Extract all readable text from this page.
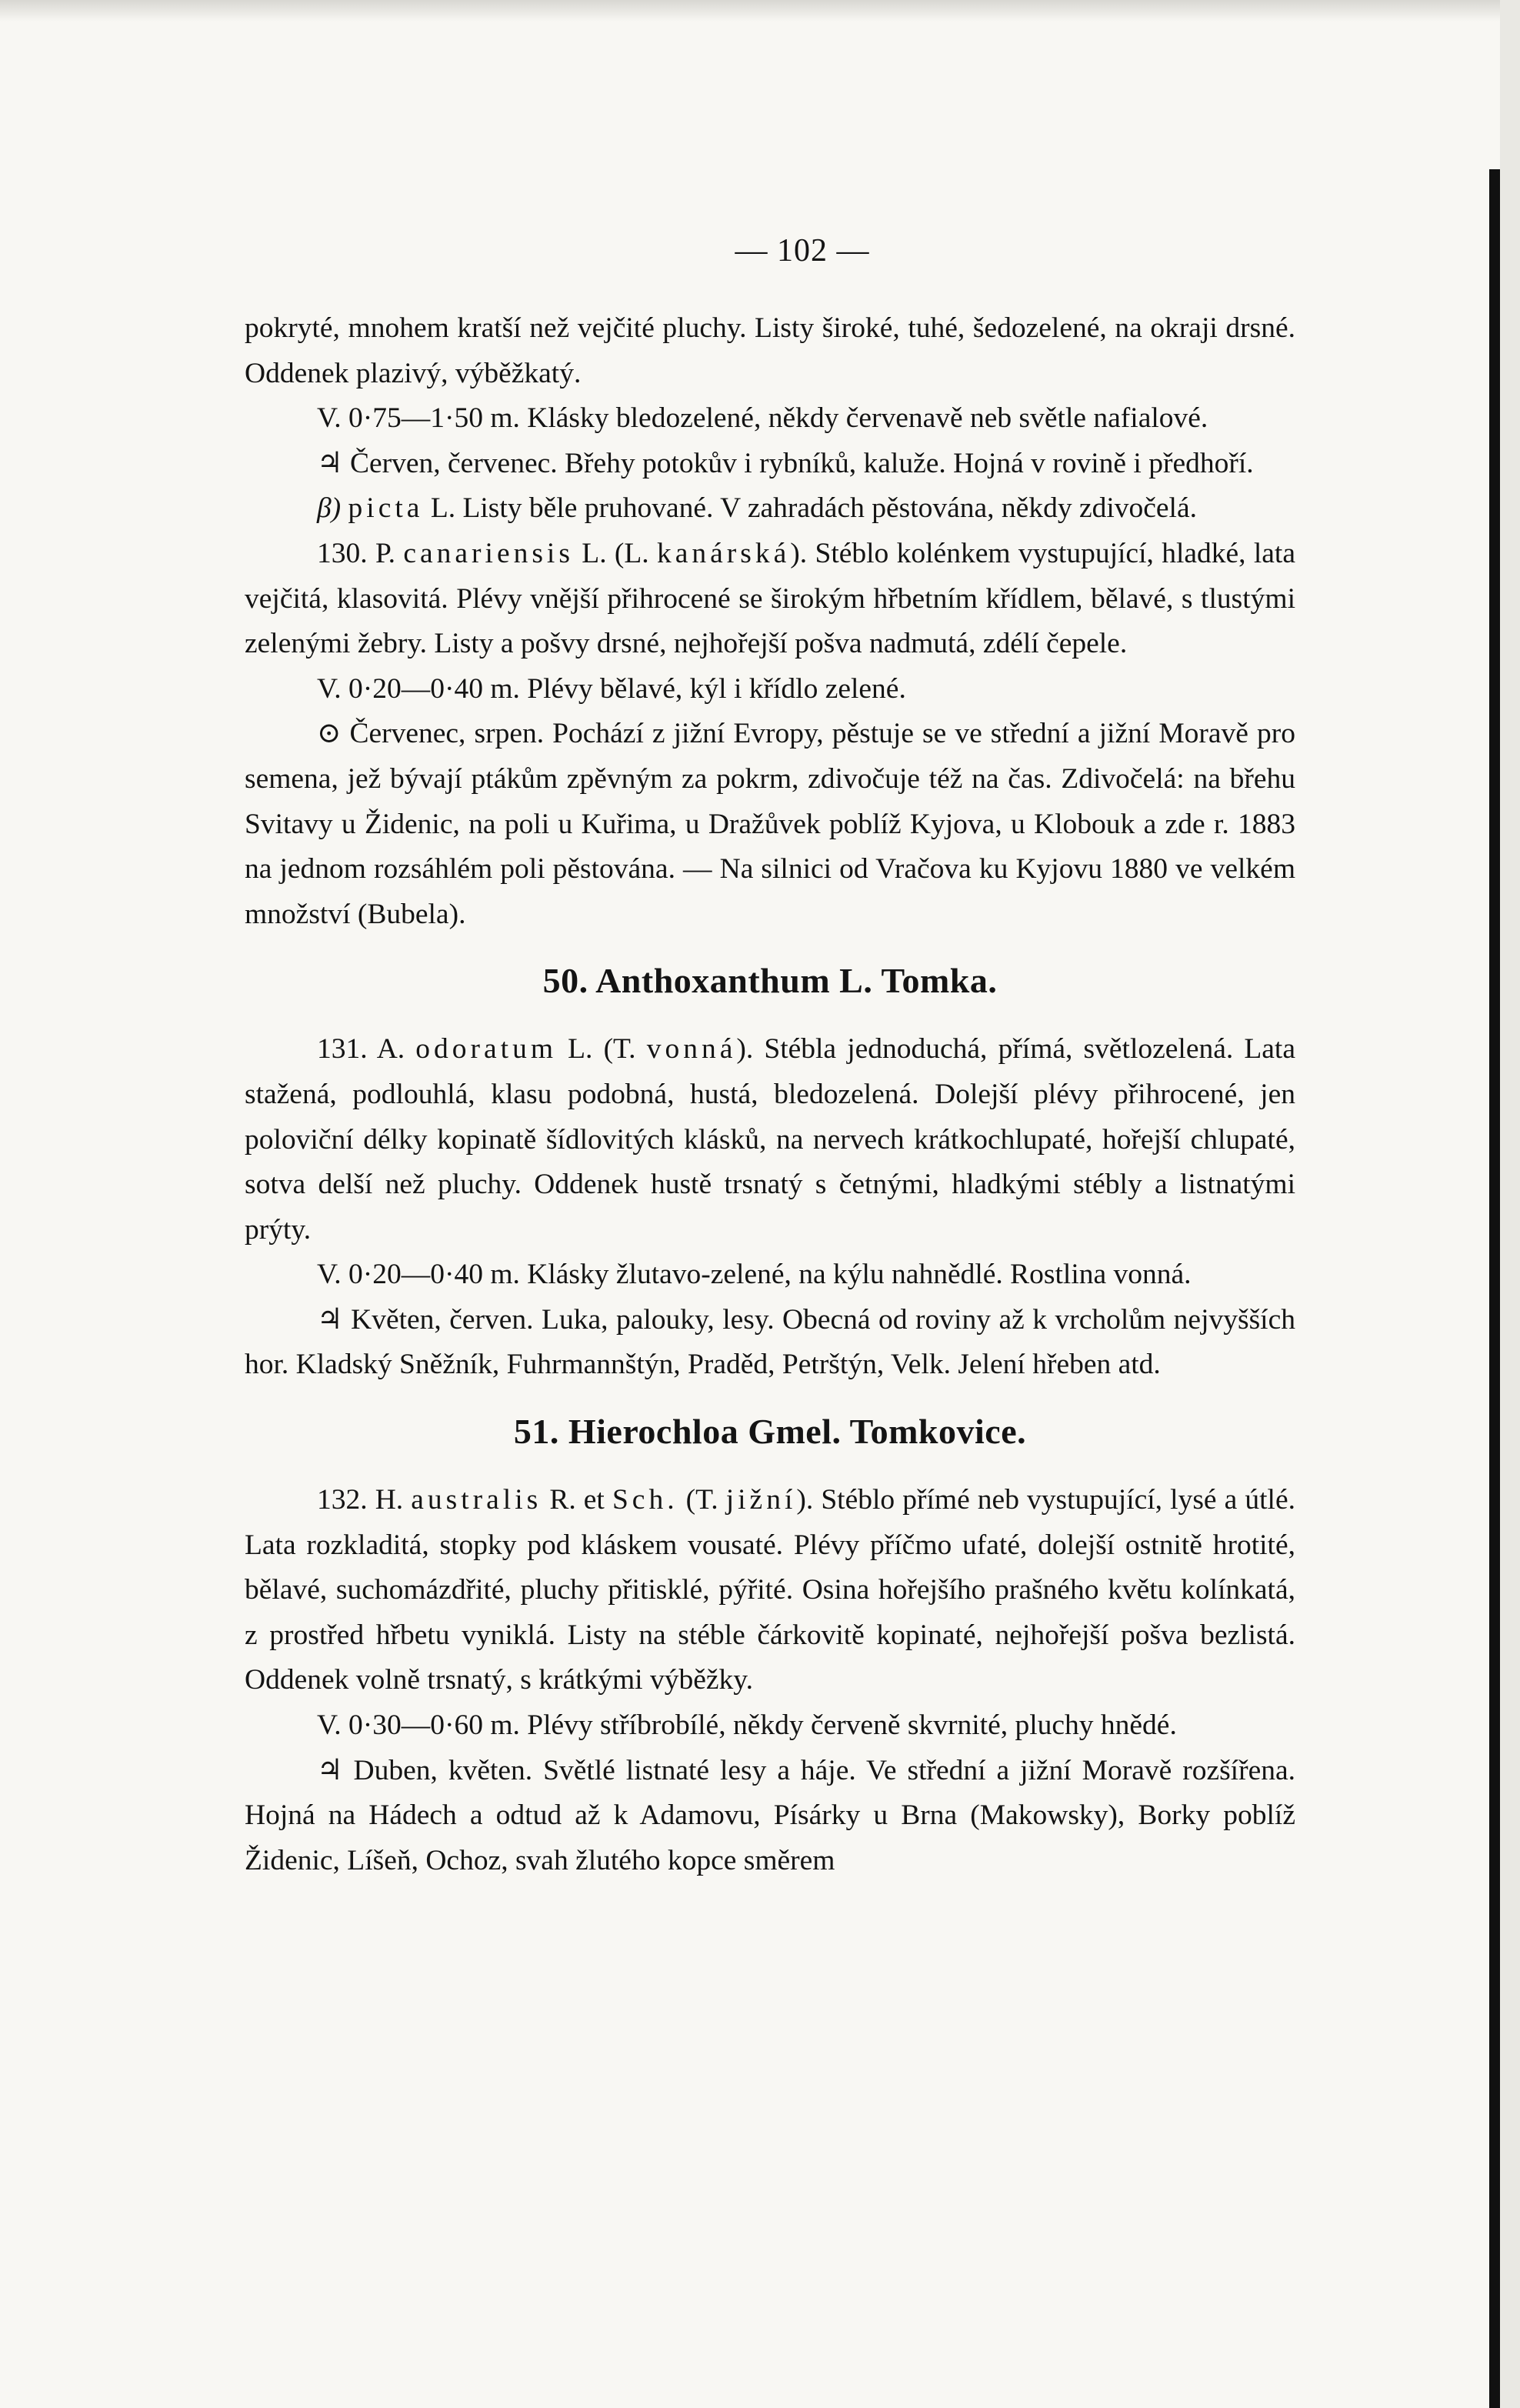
— 102 —

pokryté, mnohem kratší než vejčité pluchy. Listy široké, tuhé, šedozelené, na okraji drsné. Oddenek plazivý, výběžkatý.

V. 0·75—1·50 m. Klásky bledozelené, někdy červenavě neb světle nafialové.

♃ Červen, červenec. Břehy potokův i rybníků, kaluže. Hojná v rovině i předhoří.

β) picta L. Listy běle pruhované. V zahradách pěstována, někdy zdivočelá.

130. P. canariensis L. (L. kanárská). Stéblo kolénkem vystupující, hladké, lata vejčitá, klasovitá. Plévy vnější přihrocené se širokým hřbetním křídlem, bělavé, s tlustými zelenými žebry. Listy a pošvy drsné, nejhořejší pošva nadmutá, zdélí čepele.

V. 0·20—0·40 m. Plévy bělavé, kýl i křídlo zelené.

⊙ Červenec, srpen. Pochází z jižní Evropy, pěstuje se ve střední a jižní Moravě pro semena, jež bývají ptákům zpěvným za pokrm, zdivočuje též na čas. Zdivočelá: na břehu Svitavy u Židenic, na poli u Kuřima, u Dražůvek poblíž Kyjova, u Klobouk a zde r. 1883 na jednom rozsáhlém poli pěstována. — Na silnici od Vračova ku Kyjovu 1880 ve velkém množství (Bubela).

50. Anthoxanthum L. Tomka.

131. A. odoratum L. (T. vonná). Stébla jednoduchá, přímá, světlozelená. Lata stažená, podlouhlá, klasu podobná, hustá, bledozelená. Dolejší plévy přihrocené, jen poloviční délky kopinatě šídlovitých klásků, na nervech krátkochlupaté, hořejší chlupaté, sotva delší než pluchy. Oddenek hustě trsnatý s četnými, hladkými stébly a listnatými prýty.

V. 0·20—0·40 m. Klásky žlutavo-zelené, na kýlu nahnědlé. Rostlina vonná.

♃ Květen, červen. Luka, palouky, lesy. Obecná od roviny až k vrcholům nejvyšších hor. Kladský Sněžník, Fuhrmannštýn, Praděd, Petrštýn, Velk. Jelení hřeben atd.

51. Hierochloa Gmel. Tomkovice.

132. H. australis R. et Sch. (T. jižní). Stéblo přímé neb vystupující, lysé a útlé. Lata rozkladitá, stopky pod kláskem vousaté. Plévy příčmo ufaté, dolejší ostnitě hrotité, bělavé, suchomázdřité, pluchy přitisklé, pýřité. Osina hořejšího prašného květu kolínkatá, z prostřed hřbetu vyniklá. Listy na stéble čárkovitě kopinaté, nejhořejší pošva bezlistá. Oddenek volně trsnatý, s krátkými výběžky.

V. 0·30—0·60 m. Plévy stříbrobílé, někdy červeně skvrnité, pluchy hnědé.

♃ Duben, květen. Světlé listnaté lesy a háje. Ve střední a jižní Moravě rozšířena. Hojná na Hádech a odtud až k Adamovu, Písárky u Brna (Makowsky), Borky poblíž Židenic, Líšeň, Ochoz, svah žlutého kopce směrem
